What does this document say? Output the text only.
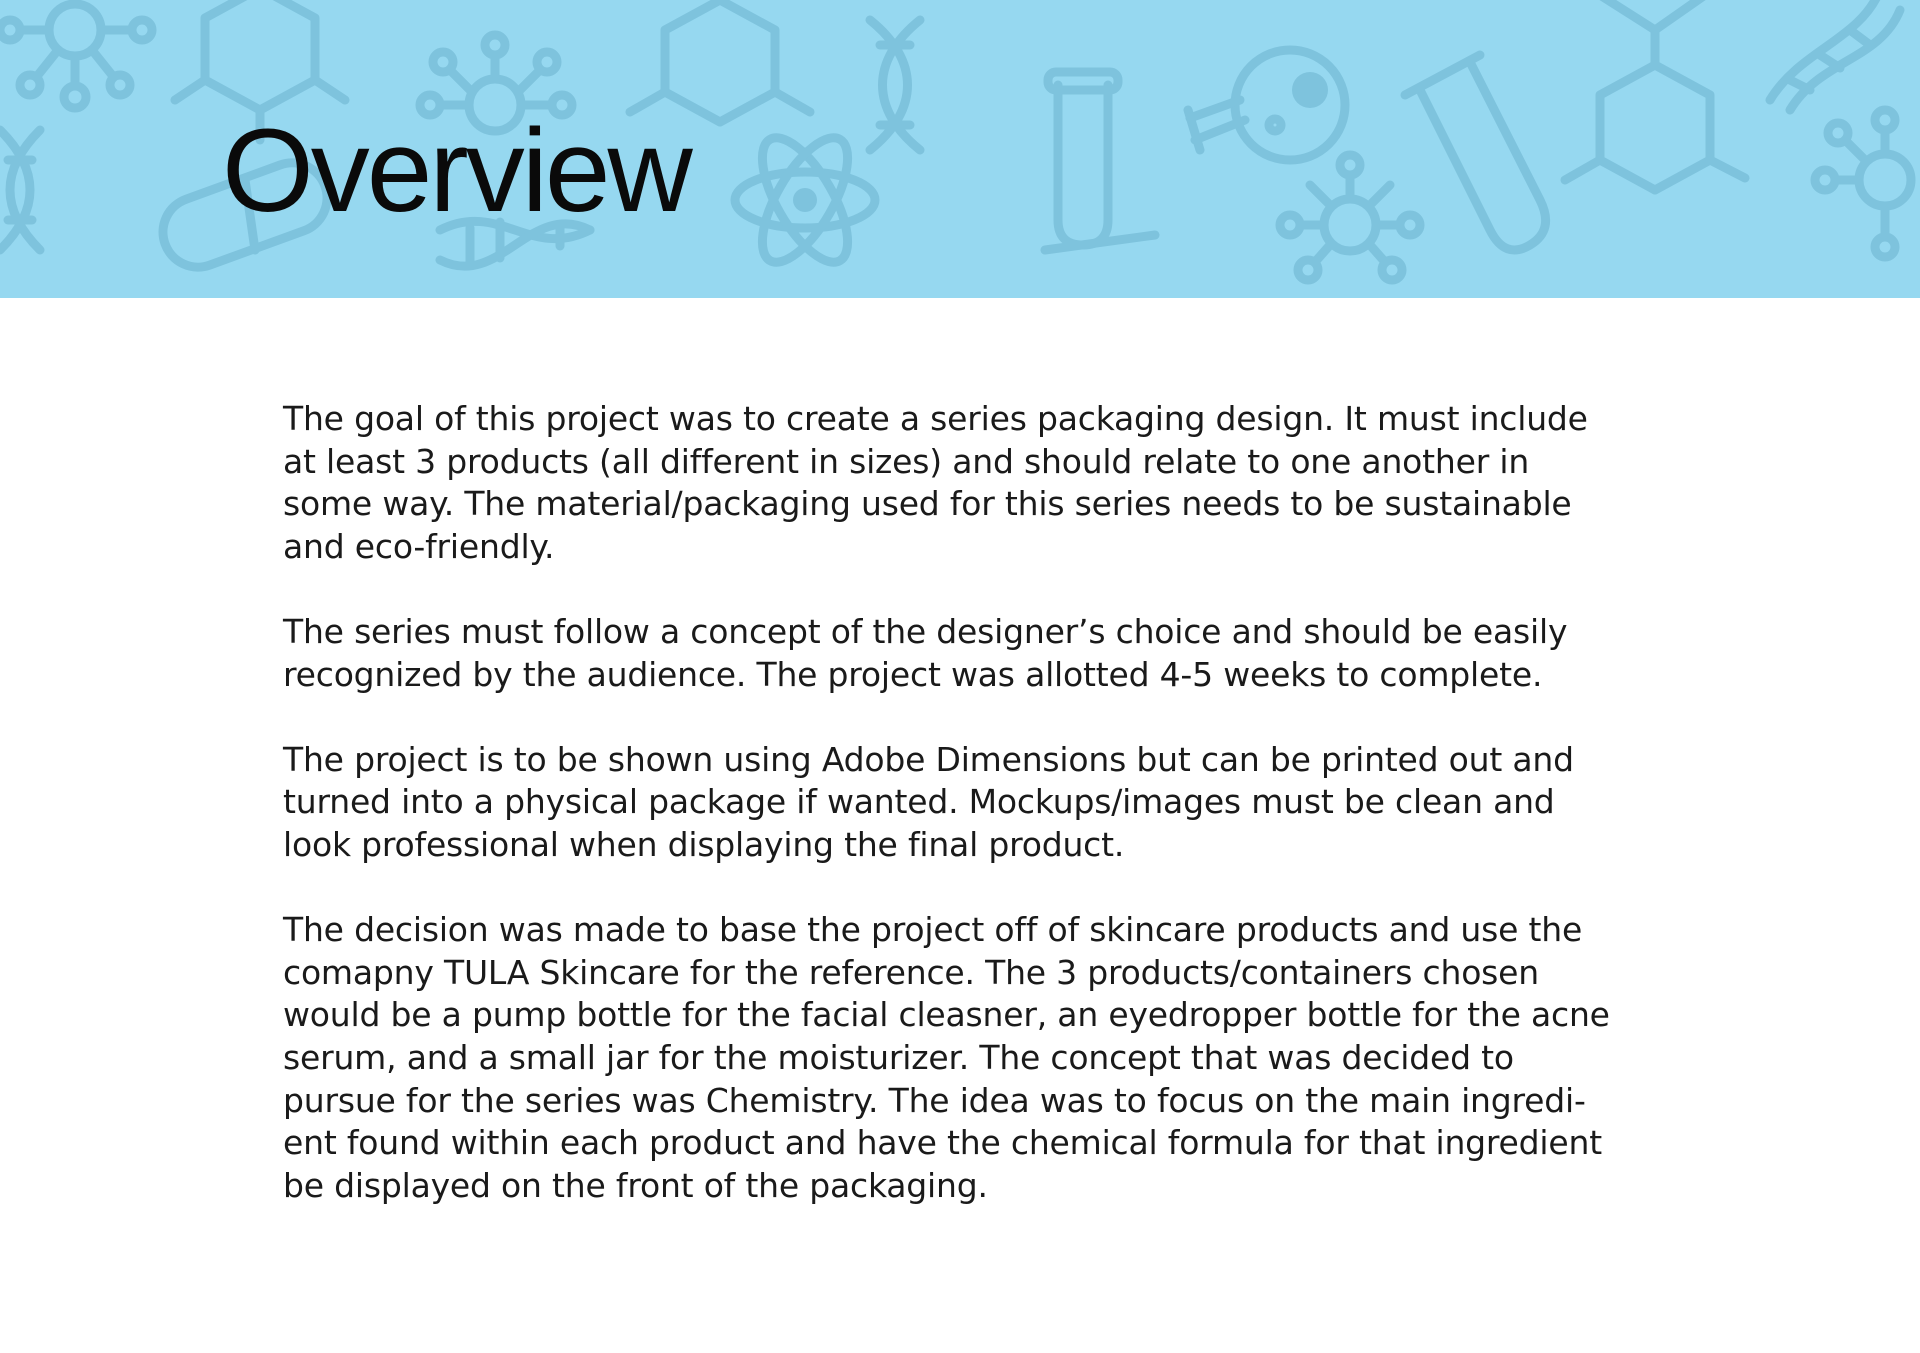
Overview

The goal of this project was to create a series packaging design. It must include at least 3 products (all different in sizes) and should relate to one another in some way. The material/packaging used for this series needs to be sustainable and eco-friendly.

The series must follow a concept of the designer’s choice and should be easily recognized by the audience. The project was allotted 4-5 weeks to complete.

The project is to be shown using Adobe Dimensions but can be printed out and turned into a physical package if wanted. Mockups/images must be clean and look professional when displaying the final product.

The decision was made to base the project off of skincare products and use the comapny TULA Skincare for the reference. The 3 products/containers chosen would be a pump bottle for the facial cleasner, an eyedropper bottle for the acne serum, and a small jar for the moisturizer. The concept that was decided to pursue for the series was Chemistry. The idea was to focus on the main ingredi-ent found within each product and have the chemical formula for that ingredient be displayed on the front of the packaging.
